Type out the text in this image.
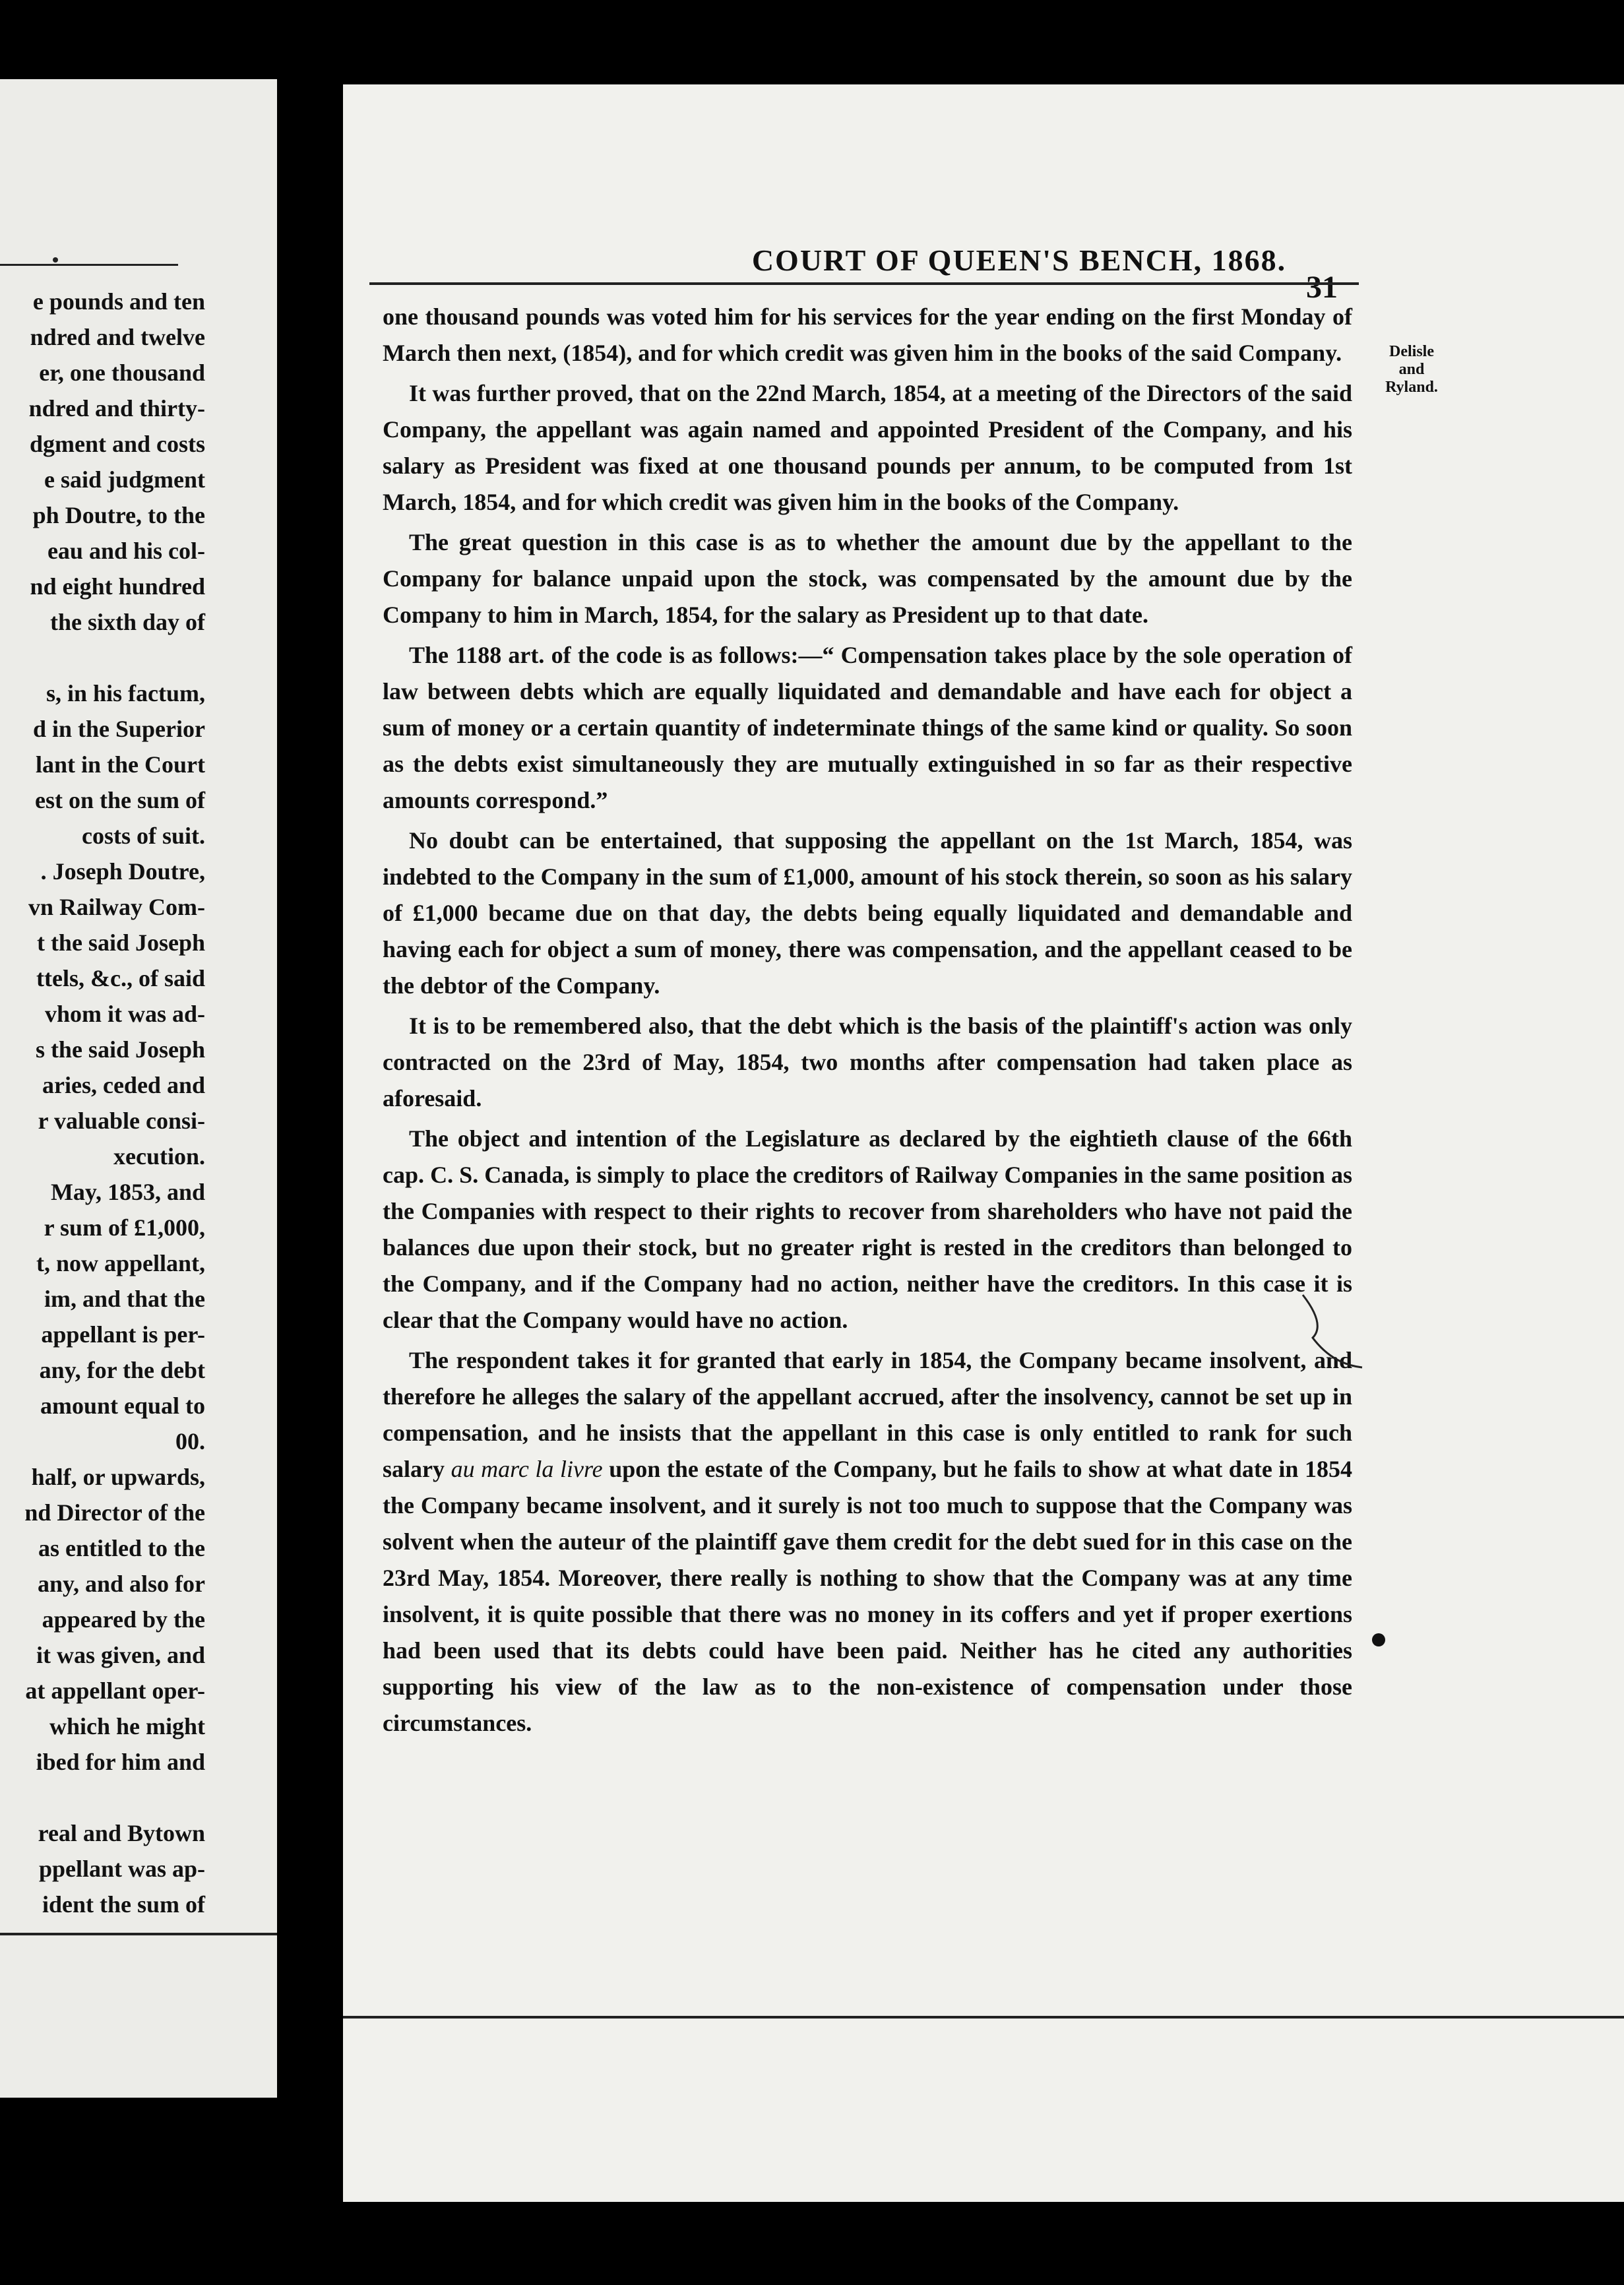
e pounds and ten
ndred and twelve
er, one thousand
ndred and thirty-
dgment and costs
e said judgment
ph Doutre, to the
eau and his col-
nd eight hundred
the sixth day of
s, in his factum,
d in the Superior
lant in the Court
est on the sum of
costs of suit.
. Joseph Doutre,
vn Railway Com-
t the said Joseph
ttels, &c., of said
vhom it was ad-
s the said Joseph
aries, ceded and
r valuable consi-
xecution.
May, 1853, and
r sum of £1,000,
t, now appellant,
im, and that the
appellant is per-
any, for the debt
amount equal to
00.
half, or upwards,
nd Director of the
as entitled to the
any, and also for
appeared by the
it was given, and
at appellant oper-
which he might
ibed for him and
real and Bytown
ppellant was ap-
ident the sum of
COURT OF QUEEN'S BENCH, 1868.
31
Delisle
and
Ryland.

one thousand pounds was voted him for his services for the year ending on the first Monday of March then next, (1854), and for which credit was given him in the books of the said Company.

It was further proved, that on the 22nd March, 1854, at a meeting of the Directors of the said Company, the appellant was again named and appointed President of the Company, and his salary as President was fixed at one thousand pounds per annum, to be computed from 1st March, 1854, and for which credit was given him in the books of the Company.

The great question in this case is as to whether the amount due by the appellant to the Company for balance unpaid upon the stock, was compensated by the amount due by the Company to him in March, 1854, for the salary as President up to that date.

The 1188 art. of the code is as follows:—“ Compensation takes place by the sole operation of law between debts which are equally liquidated and demandable and have each for object a sum of money or a certain quantity of indeterminate things of the same kind or quality. So soon as the debts exist simultaneously they are mutually extinguished in so far as their respective amounts correspond.”

No doubt can be entertained, that supposing the appellant on the 1st March, 1854, was indebted to the Company in the sum of £1,000, amount of his stock therein, so soon as his salary of £1,000 became due on that day, the debts being equally liquidated and demandable and having each for object a sum of money, there was compensation, and the appellant ceased to be the debtor of the Company.

It is to be remembered also, that the debt which is the basis of the plaintiff's action was only contracted on the 23rd of May, 1854, two months after compensation had taken place as aforesaid.

The object and intention of the Legislature as declared by the eightieth clause of the 66th cap. C. S. Canada, is simply to place the creditors of Railway Companies in the same position as the Companies with respect to their rights to recover from shareholders who have not paid the balances due upon their stock, but no greater right is rested in the creditors than belonged to the Company, and if the Company had no action, neither have the creditors. In this case it is clear that the Company would have no action.

The respondent takes it for granted that early in 1854, the Company became insolvent, and therefore he alleges the salary of the appellant accrued, after the insolvency, cannot be set up in compensation, and he insists that the appellant in this case is only entitled to rank for such salary au marc la livre upon the estate of the Company, but he fails to show at what date in 1854 the Company became insolvent, and it surely is not too much to suppose that the Company was solvent when the auteur of the plaintiff gave them credit for the debt sued for in this case on the 23rd May, 1854. Moreover, there really is nothing to show that the Company was at any time insolvent, it is quite possible that there was no money in its coffers and yet if proper exertions had been used that its debts could have been paid. Neither has he cited any authorities supporting his view of the law as to the non-existence of compensation under those circumstances.
